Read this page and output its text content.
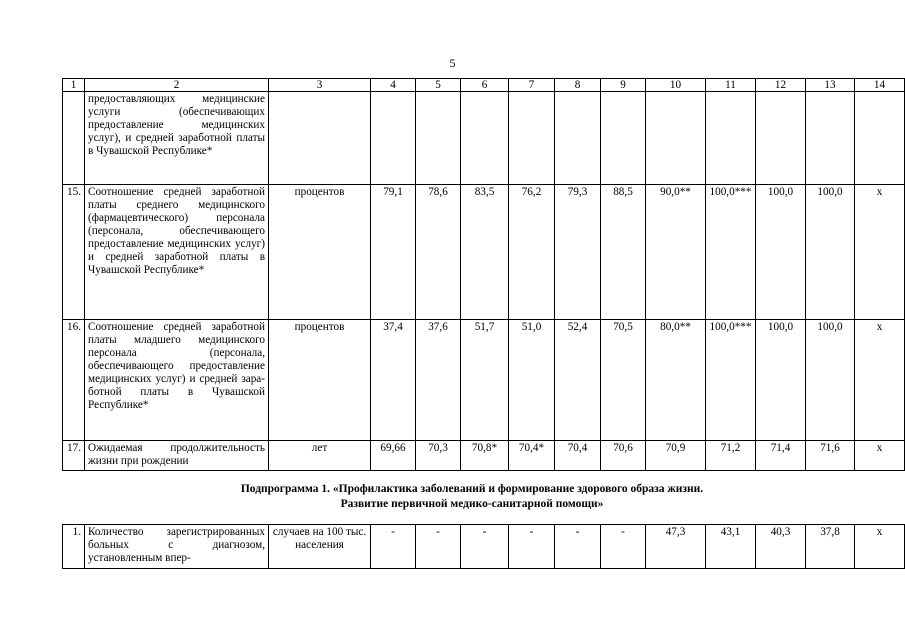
5
1	2	3	4	5	6	7	8	9	10	11	12	13	14
	предоставляющих медицинские услуги (обеспечивающих предоставление медицинских услуг), и средней заработной платы в Чувашской Республике*												
15.	Соотношение средней заработной платы среднего медицинского (фармацевтического) персонала (персонала, обеспечивающего предоставление медицинских услуг) и средней заработной платы в Чувашской Республике*	процентов	79,1	78,6	83,5	76,2	79,3	88,5	90,0**	100,0***	100,0	100,0	х
16.	Соотношение средней заработной платы младшего медицинского персонала (персонала, обеспечивающего предоставление медицинских услуг) и средней заработной платы в Чувашской Республике*	процентов	37,4	37,6	51,7	51,0	52,4	70,5	80,0**	100,0***	100,0	100,0	х
17.	Ожидаемая продолжительность жизни при рождении	лет	69,66	70,3	70,8*	70,4*	70,4	70,6	70,9	71,2	71,4	71,6	х
Подпрограмма 1. «Профилактика заболеваний и формирование здорового образа жизни.
Развитие первичной медико-санитарной помощи»
1.	Количество зарегистрированных больных с диагнозом, установленным впер-	случаев на 100 тыс. населения	-	-	-	-	-	-	47,3	43,1	40,3	37,8	х
